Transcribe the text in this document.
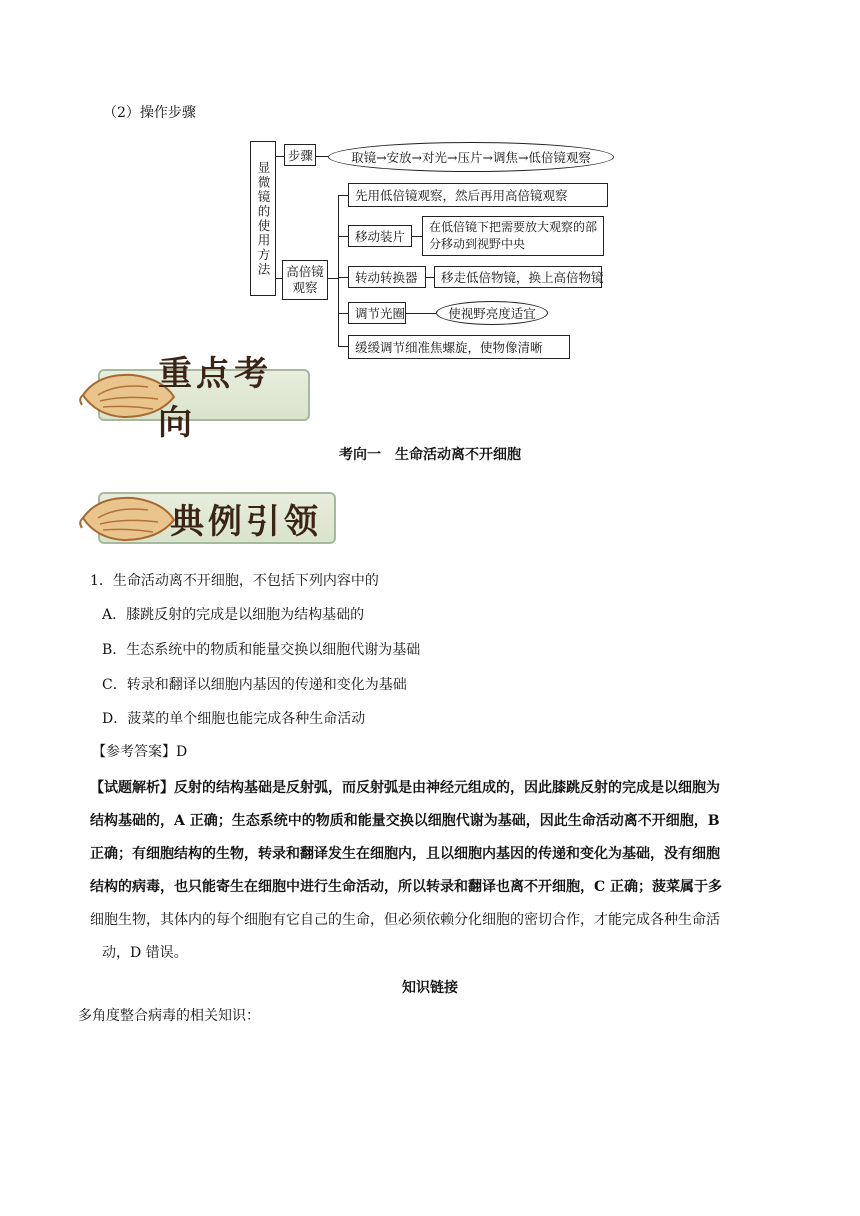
（2）操作步骤
显微镜的使用方法
步骤	取镜→安放→对光→压片→调焦→低倍镜观察
高倍镜观察
先用低倍镜观察，然后再用高倍镜观察
移动装片
在低倍镜下把需要放大观察的部分移动到视野中央
转动转换器	移走低倍物镜，换上高倍物镜
调节光圈	使视野亮度适宜
缓缓调节细准焦螺旋，使物像清晰
重点考向
考向一　生命活动离不开细胞
典例引领
1．生命活动离不开细胞，不包括下列内容中的
A．膝跳反射的完成是以细胞为结构基础的
B．生态系统中的物质和能量交换以细胞代谢为基础
C．转录和翻译以细胞内基因的传递和变化为基础
D．菠菜的单个细胞也能完成各种生命活动
【参考答案】D
【试题解析】反射的结构基础是反射弧，而反射弧是由神经元组成的，因此膝跳反射的完成是以细胞为
结构基础的，A 正确；生态系统中的物质和能量交换以细胞代谢为基础，因此生命活动离不开细胞，B
正确；有细胞结构的生物，转录和翻译发生在细胞内，且以细胞内基因的传递和变化为基础，没有细胞
结构的病毒，也只能寄生在细胞中进行生命活动，所以转录和翻译也离不开细胞，C 正确；菠菜属于多
细胞生物，其体内的每个细胞有它自己的生命，但必须依赖分化细胞的密切合作，才能完成各种生命活
动，D 错误。
知识链接
多角度整合病毒的相关知识：
